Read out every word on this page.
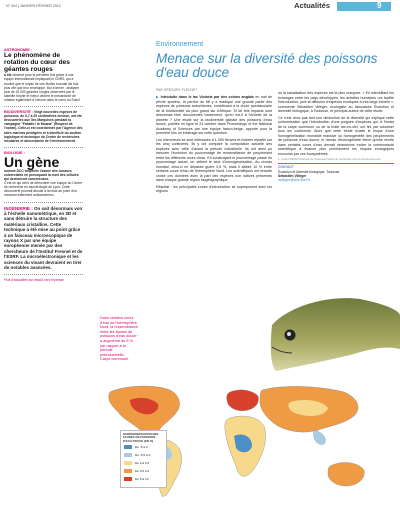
N° 344 | JANVIER-FÉVRIER 2012	Actualités	9

ASTRONOMIE :

Le phénomène de rotation du cœur des géantes rouges

a été observé pour la première fois grâce à une équipe internationale impliquant le CNRS, qui a montré que le noyau de ces étoiles tournait dix fois plus vite que leur enveloppe. But à terme : analyser plus de 15 000 géantes rouges observées par le satellite Kepler et mieux décrire le mécanisme de rotation également à l'œuvre dans le cœur du Soleil.

BIODIVERSITÉ : Vingt nouvelles espèces de poissons, de 0,7 à 25 centimètres environ, ont été découvertes aux îles Marquises pendant la campagne "Pakaihi i te Moana" (Respect de l'océan). Celle-ci est coordonnée par l'Agence des aires marines protégées et a bénéficié du soutien logistique et technique du Centre de recherches insulaires et observatoire de l'environnement.

BIOLOGIE :

Un gène

nommé DCC empêche l'axone des tumeurs colorectales en provoquant la mort des cellules qui deviennent cancéreuses.

C'est ce qui vient de démontrer une équipe du Centre de recherche en cancérologie de Lyon. Cette découverte pourrait aboutir à la mise au point d'un nouveau traitement anticancéreux.

INGÉNIERIE : On sait désormais voir à l'échelle nanométrique, en 3D et sans détruire la structure des matériaux cristallins. Cette technique a été mise au point grâce à un faisceau microscopique de rayons X par une équipe européenne menée par des chercheurs de l'Institut Fresnel et de l'ESRF. La microélectronique et les sciences du vivant devraient en tirer de notables avancées.

Plus d'actualités sur www2.cnrs.fr/presse

Environnement
Menace sur la diversité des poissons d'eau douce
PAR GRÉGORY FLÉCHET

▶ Introduite dans le lac Victoria par des colons anglais en mal de pêche sportive, la perche du Nil y a éradiqué une grande partie des espèces de poissons autochtones, contribuant à la chute spectaculaire de la biodiversité du plus grand lac d'Afrique. Si de tels impacts sont désormais bien documentés localement, qu'en est-il à l'échelle de la planète ? Une étude sur la biodiversité globale des poissons d'eau douce, publiée en ligne le 24 octobre dans Proceedings of the National Academy of Sciences par une équipe franco-belge, apporte pour la première fois un éclairage sur cette question.

Les chercheurs se sont intéressés à 1 000 fleuves et rivières répartis sur les cinq continents. Ils y ont comparé la composition actuelle des espèces avec celle d'avant la période industrielle. Ils ont ainsi pu mesurer l'évolution du pourcentage de ressemblance de peuplement entre les différents cours d'eau. En soustrayant le pourcentage passé du pourcentage actuel, on obtient le taux d'homogénéisation. Au niveau mondial, celui-ci ne dépasse guère 0,5 %, mais il atteint 10 % entre certains cours d'eau de l'hémisphère Nord. Les scientifiques ont ensuite croisé ces données avec la part des espèces non natives présentes dans chaque grande région biogéographique.

Résultat : les principales zones d'introduction se superposent avec les régions

où la banalisation des espèces est la plus marquée. « En intensifiant les échanges entre les pays développés, les activités humaines ont facilité l'introduction, puis la diffusion d'espèces exotiques à très large échelle », commente Sébastien Villéger, écologiste au laboratoire Évolution et diversité biologique, à Toulouse, et principal auteur de cette étude.

Ce n'est donc pas tant une diminution de la diversité qui explique cette uniformisation que l'introduction d'une poignée d'espèces qui, à l'instar de la carpe commune ou de la truite arc-en-ciel, ont fini par coloniser tous les continents. Alors que cette étude écarte le risque d'une homogénéisation mondiale massive ou homogénéité des peuplements de poissons d'eau douce, le niveau d'homogénéité élevé qu'elle révèle dans certains cours d'eau devrait néanmoins inciter la communauté scientifique à évaluer plus précisément les risques écologiques encourus par ces écosystèmes.

1. Unité CNRS/Université de Toulouse/Institut de recherche pour le développement

CONTACT
Évolution et diversité biologique, Toulouse
Sébastien Villéger
svilleger@univ-tlse3.fr
Dans certains cours d'eau de l'hémisphère Nord, la ressemblance entre les faunes de poissons d'eau douce a augmenté de 5 % par rapport à la période préindustrielle.
Carpe commune.
HOMOGÉNÉISATION DES FAUNES DE POISSONS D'EAU DOUCE (EN %)
De -5 à 0
De -0,5 à 0
De 0 à 0,5
De 0,5 à 5
De 5 à 10
